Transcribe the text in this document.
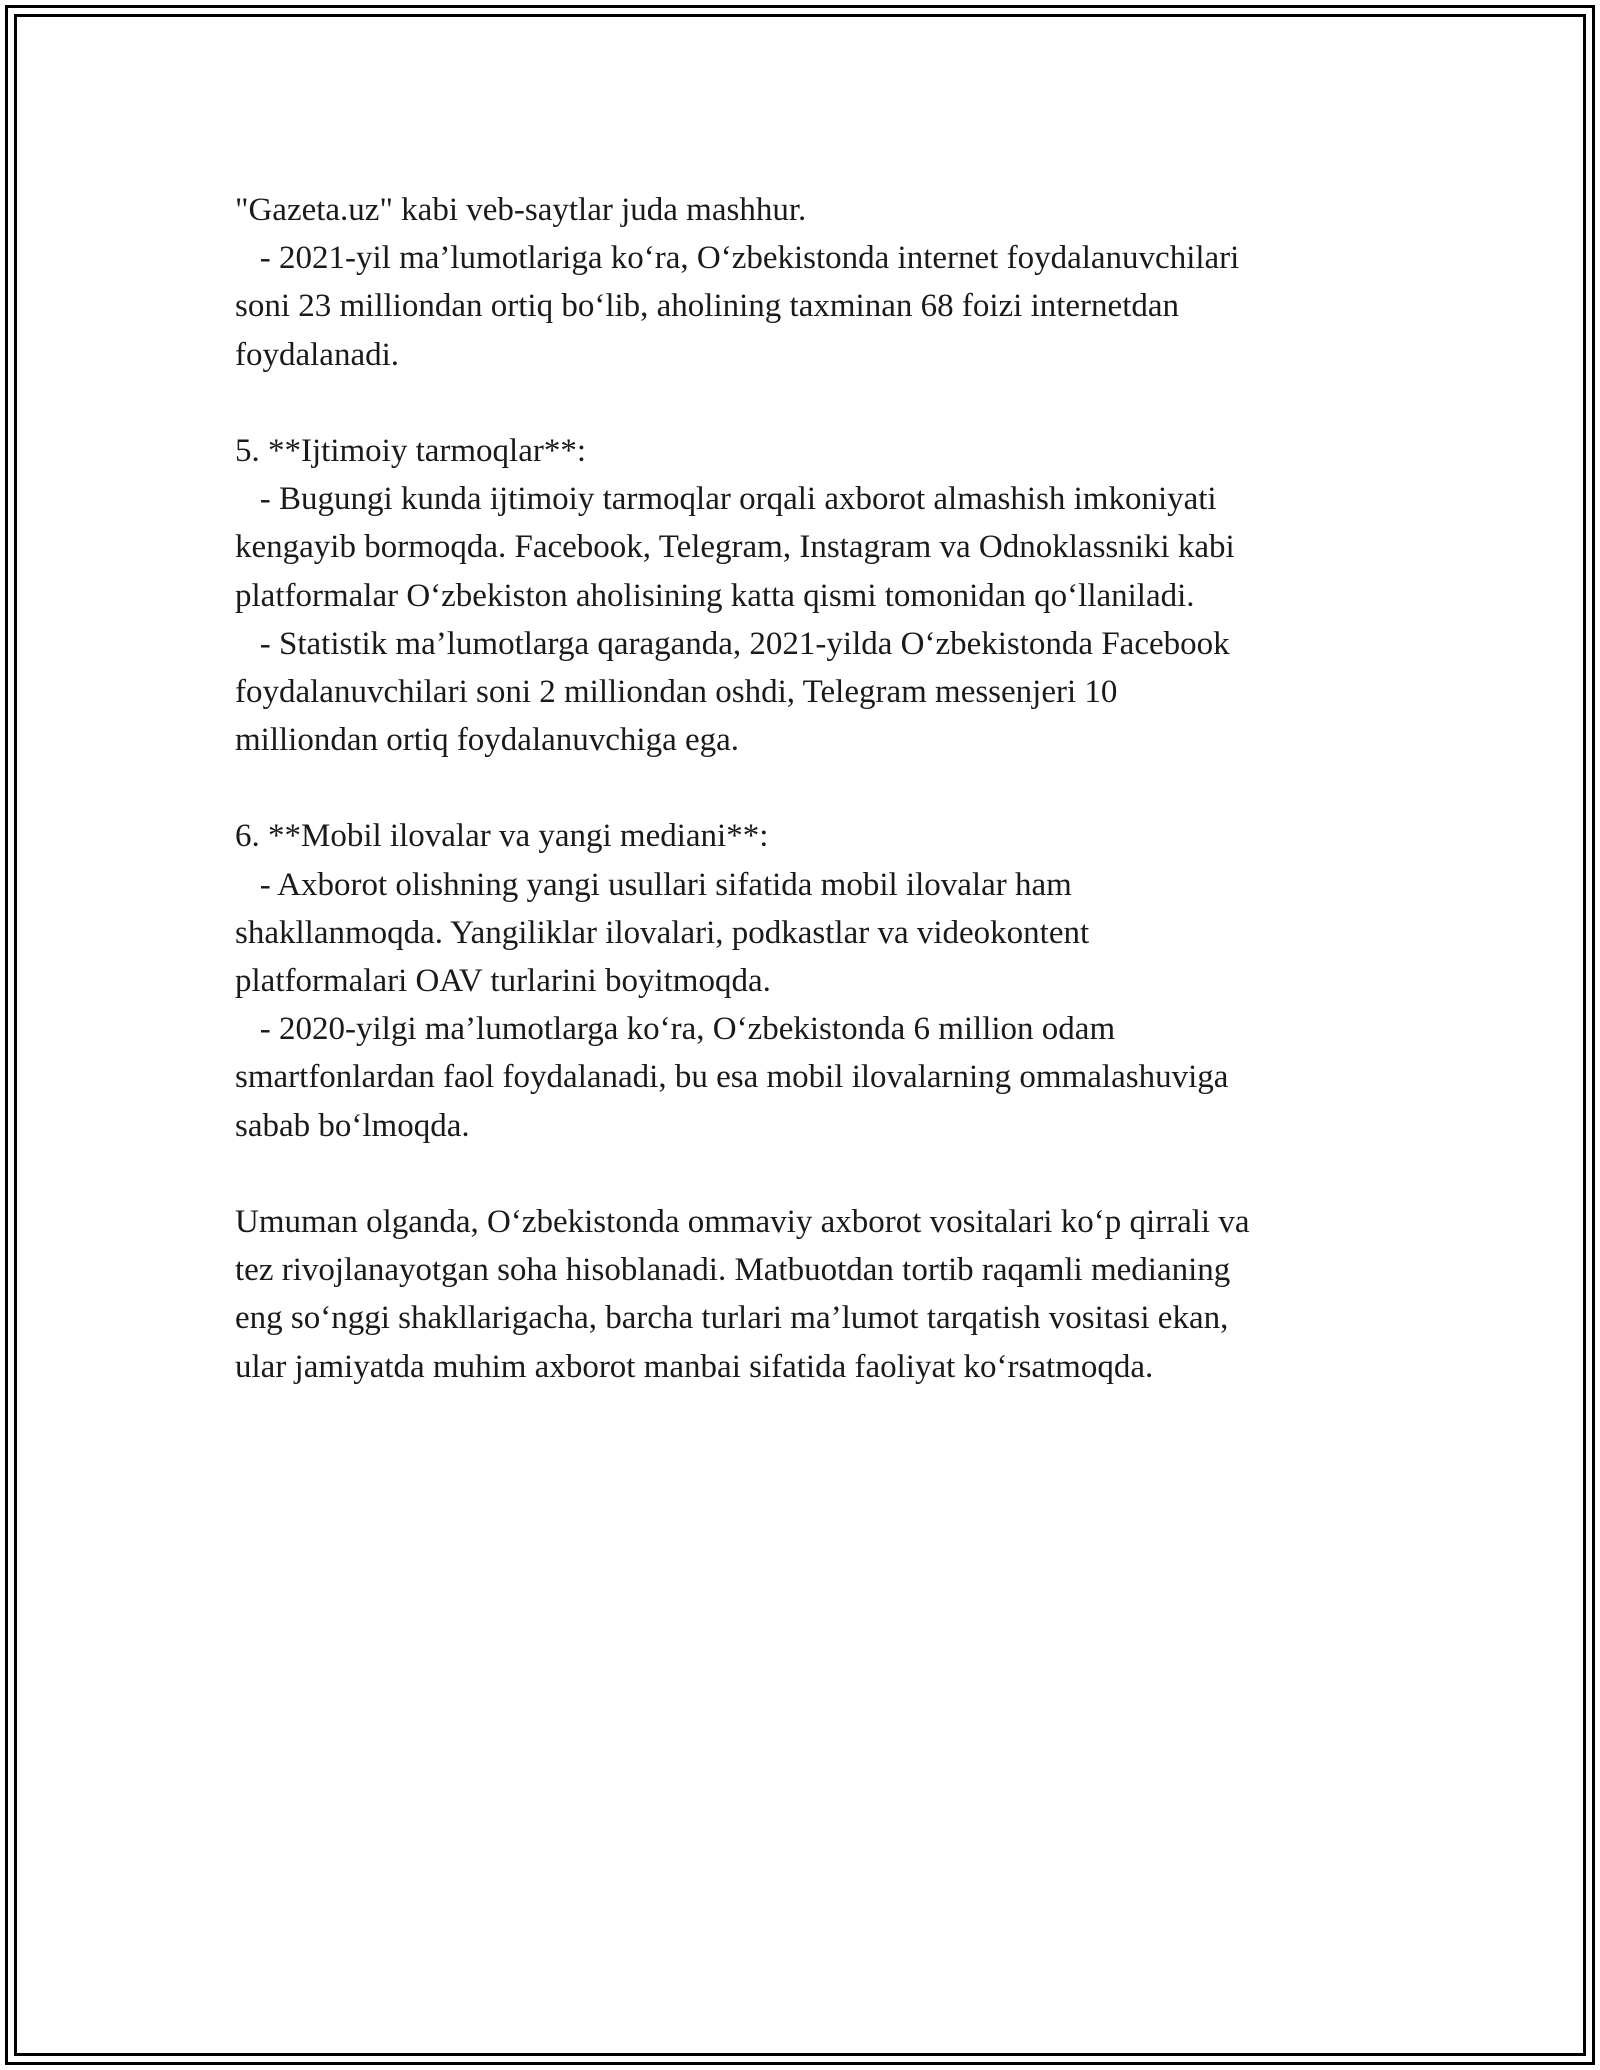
"Gazeta.uz" kabi veb-saytlar juda mashhur.
- 2021-yil ma’lumotlariga ko‘ra, O‘zbekistonda internet foydalanuvchilari
soni 23 milliondan ortiq bo‘lib, aholining taxminan 68 foizi internetdan
foydalanadi.
5. **Ijtimoiy tarmoqlar**:
- Bugungi kunda ijtimoiy tarmoqlar orqali axborot almashish imkoniyati
kengayib bormoqda. Facebook, Telegram, Instagram va Odnoklassniki kabi
platformalar O‘zbekiston aholisining katta qismi tomonidan qo‘llaniladi.
- Statistik ma’lumotlarga qaraganda, 2021-yilda O‘zbekistonda Facebook
foydalanuvchilari soni 2 milliondan oshdi, Telegram messenjeri 10
milliondan ortiq foydalanuvchiga ega.
6. **Mobil ilovalar va yangi mediani**:
- Axborot olishning yangi usullari sifatida mobil ilovalar ham
shakllanmoqda. Yangiliklar ilovalari, podkastlar va videokontent
platformalari OAV turlarini boyitmoqda.
- 2020-yilgi ma’lumotlarga ko‘ra, O‘zbekistonda 6 million odam
smartfonlardan faol foydalanadi, bu esa mobil ilovalarning ommalashuviga
sabab bo‘lmoqda.
Umuman olganda, O‘zbekistonda ommaviy axborot vositalari ko‘p qirrali va
tez rivojlanayotgan soha hisoblanadi. Matbuotdan tortib raqamli medianing
eng so‘nggi shakllarigacha, barcha turlari ma’lumot tarqatish vositasi ekan,
ular jamiyatda muhim axborot manbai sifatida faoliyat ko‘rsatmoqda.
